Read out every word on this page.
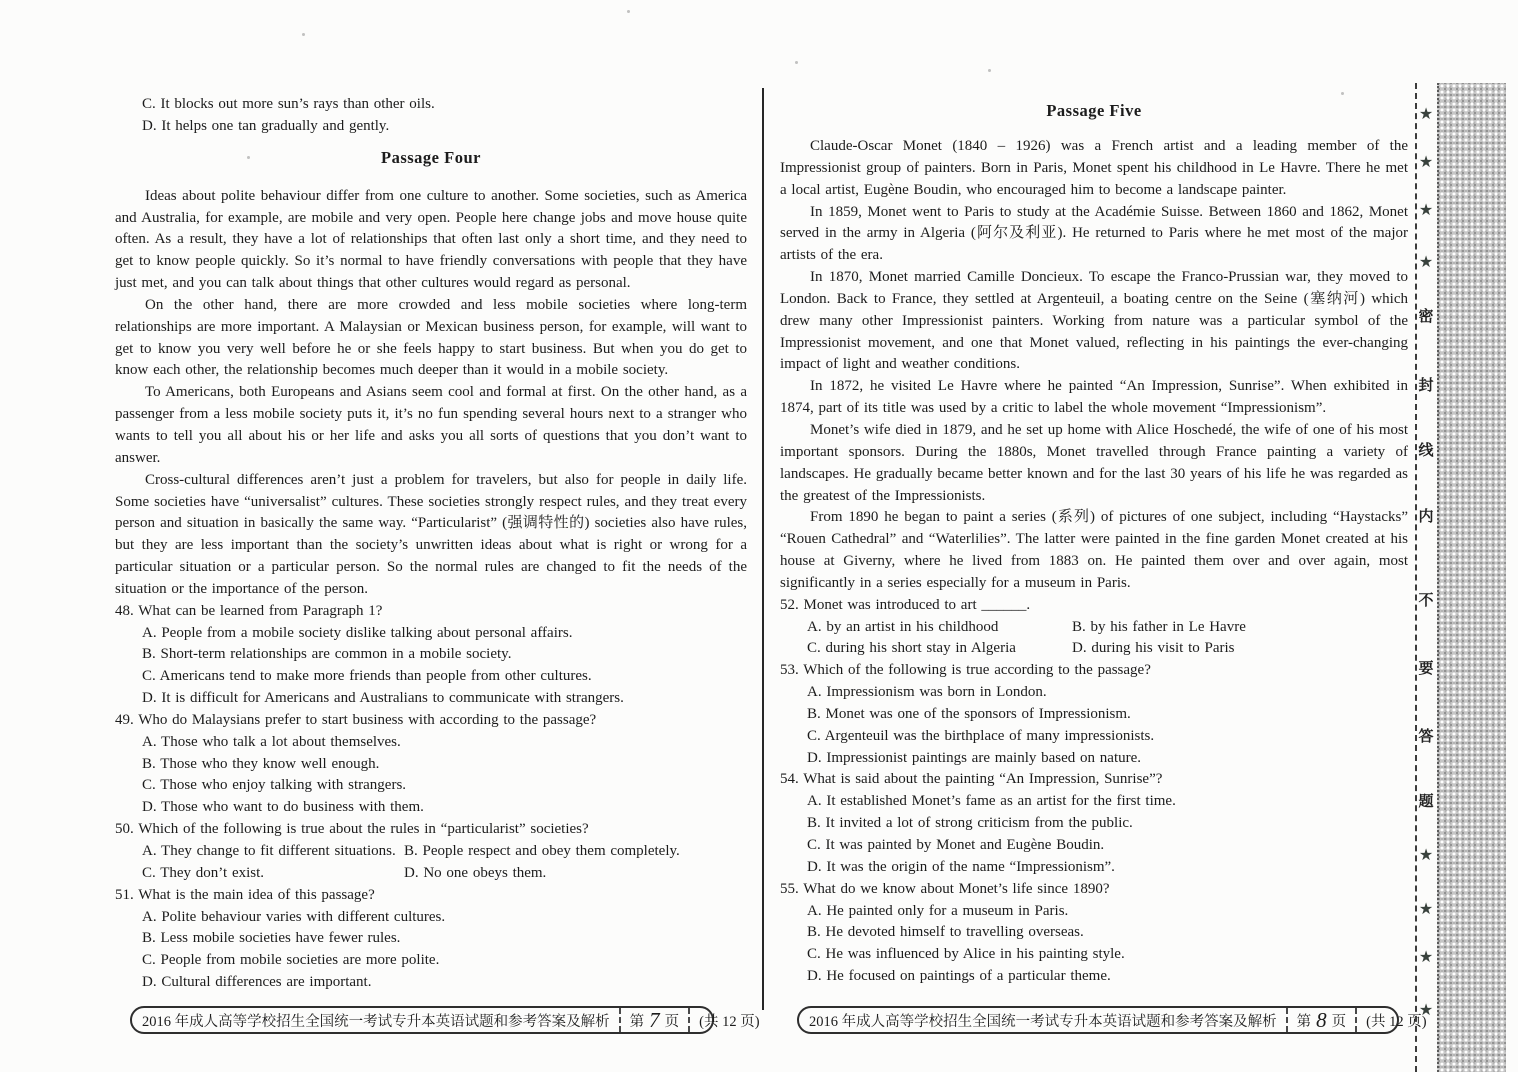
C. It blocks out more sun’s rays than other oils.

D. It helps one tan gradually and gently.

Passage Four

Ideas about polite behaviour differ from one culture to another. Some societies, such as America and Australia, for example, are mobile and very open. People here change jobs and move house quite often. As a result, they have a lot of relationships that often last only a short time, and they need to get to know people quickly. So it’s normal to have friendly conversations with people that they have just met, and you can talk about things that other cultures would regard as personal.

On the other hand, there are more crowded and less mobile societies where long-term relationships are more important. A Malaysian or Mexican business person, for example, will want to get to know you very well before he or she feels happy to start business. But when you do get to know each other, the relationship becomes much deeper than it would in a mobile society.

To Americans, both Europeans and Asians seem cool and formal at first. On the other hand, as a passenger from a less mobile society puts it, it’s no fun spending several hours next to a stranger who wants to tell you all about his or her life and asks you all sorts of questions that you don’t want to answer.

Cross-cultural differences aren’t just a problem for travelers, but also for people in daily life. Some societies have “universalist” cultures. These societies strongly respect rules, and they treat every person and situation in basically the same way. “Particularist” (强调特性的) societies also have rules, but they are less important than the society’s unwritten ideas about what is right or wrong for a particular situation or a particular person. So the normal rules are changed to fit the needs of the situation or the importance of the person.

48. What can be learned from Paragraph 1?

A. People from a mobile society dislike talking about personal affairs.

B. Short-term relationships are common in a mobile society.

C. Americans tend to make more friends than people from other cultures.

D. It is difficult for Americans and Australians to communicate with strangers.

49. Who do Malaysians prefer to start business with according to the passage?

A. Those who talk a lot about themselves.

B. Those who they know well enough.

C. Those who enjoy talking with strangers.

D. Those who want to do business with them.

50. Which of the following is true about the rules in “particularist” societies?

A. They change to fit different situations. B. People respect and obey them completely.

C. They don’t exist.	D. No one obeys them.

51. What is the main idea of this passage?

A. Polite behaviour varies with different cultures.

B. Less mobile societies have fewer rules.

C. People from mobile societies are more polite.

D. Cultural differences are important.

Passage Five

Claude-Oscar Monet (1840 – 1926) was a French artist and a leading member of the Impressionist group of painters. Born in Paris, Monet spent his childhood in Le Havre. There he met a local artist, Eugène Boudin, who encouraged him to become a landscape painter.

In 1859, Monet went to Paris to study at the Académie Suisse. Between 1860 and 1862, Monet served in the army in Algeria (阿尔及利亚). He returned to Paris where he met most of the major artists of the era.

In 1870, Monet married Camille Doncieux. To escape the Franco-Prussian war, they moved to London. Back to France, they settled at Argenteuil, a boating centre on the Seine (塞纳河) which drew many other Impressionist painters. Working from nature was a particular symbol of the Impressionist movement, and one that Monet valued, reflecting in his paintings the ever-changing impact of light and weather conditions.

In 1872, he visited Le Havre where he painted “An Impression, Sunrise”. When exhibited in 1874, part of its title was used by a critic to label the whole movement “Impressionism”.

Monet’s wife died in 1879, and he set up home with Alice Hoschedé, the wife of one of his most important sponsors. During the 1880s, Monet travelled through France painting a variety of landscapes. He gradually became better known and for the last 30 years of his life he was regarded as the greatest of the Impressionists.

From 1890 he began to paint a series (系列) of pictures of one subject, including “Haystacks” “Rouen Cathedral” and “Waterlilies”. The latter were painted in the fine garden Monet created at his house at Giverny, where he lived from 1883 on. He painted them over and over again, most significantly in a series especially for a museum in Paris.

52. Monet was introduced to art ______.

A. by an artist in his childhood	B. by his father in Le Havre

C. during his short stay in Algeria	D. during his visit to Paris

53. Which of the following is true according to the passage?

A. Impressionism was born in London.

B. Monet was one of the sponsors of Impressionism.

C. Argenteuil was the birthplace of many impressionists.

D. Impressionist paintings are mainly based on nature.

54. What is said about the painting “An Impression, Sunrise”?

A. It established Monet’s fame as an artist for the first time.

B. It invited a lot of strong criticism from the public.

C. It was painted by Monet and Eugène Boudin.

D. It was the origin of the name “Impressionism”.

55. What do we know about Monet’s life since 1890?

A. He painted only for a museum in Paris.

B. He devoted himself to travelling overseas.

C. He was influenced by Alice in his painting style.

D. He focused on paintings of a particular theme.

2016 年成人高等学校招生全国统一考试专升本英语试题和参考答案及解析	第 7 页	(共 12 页)	2016 年成人高等学校招生全国统一考试专升本英语试题和参考答案及解析	第 8 页	(共 12 页)
★
★
★
★
密
封
线
内
不
要
答
题
★
★
★
★
